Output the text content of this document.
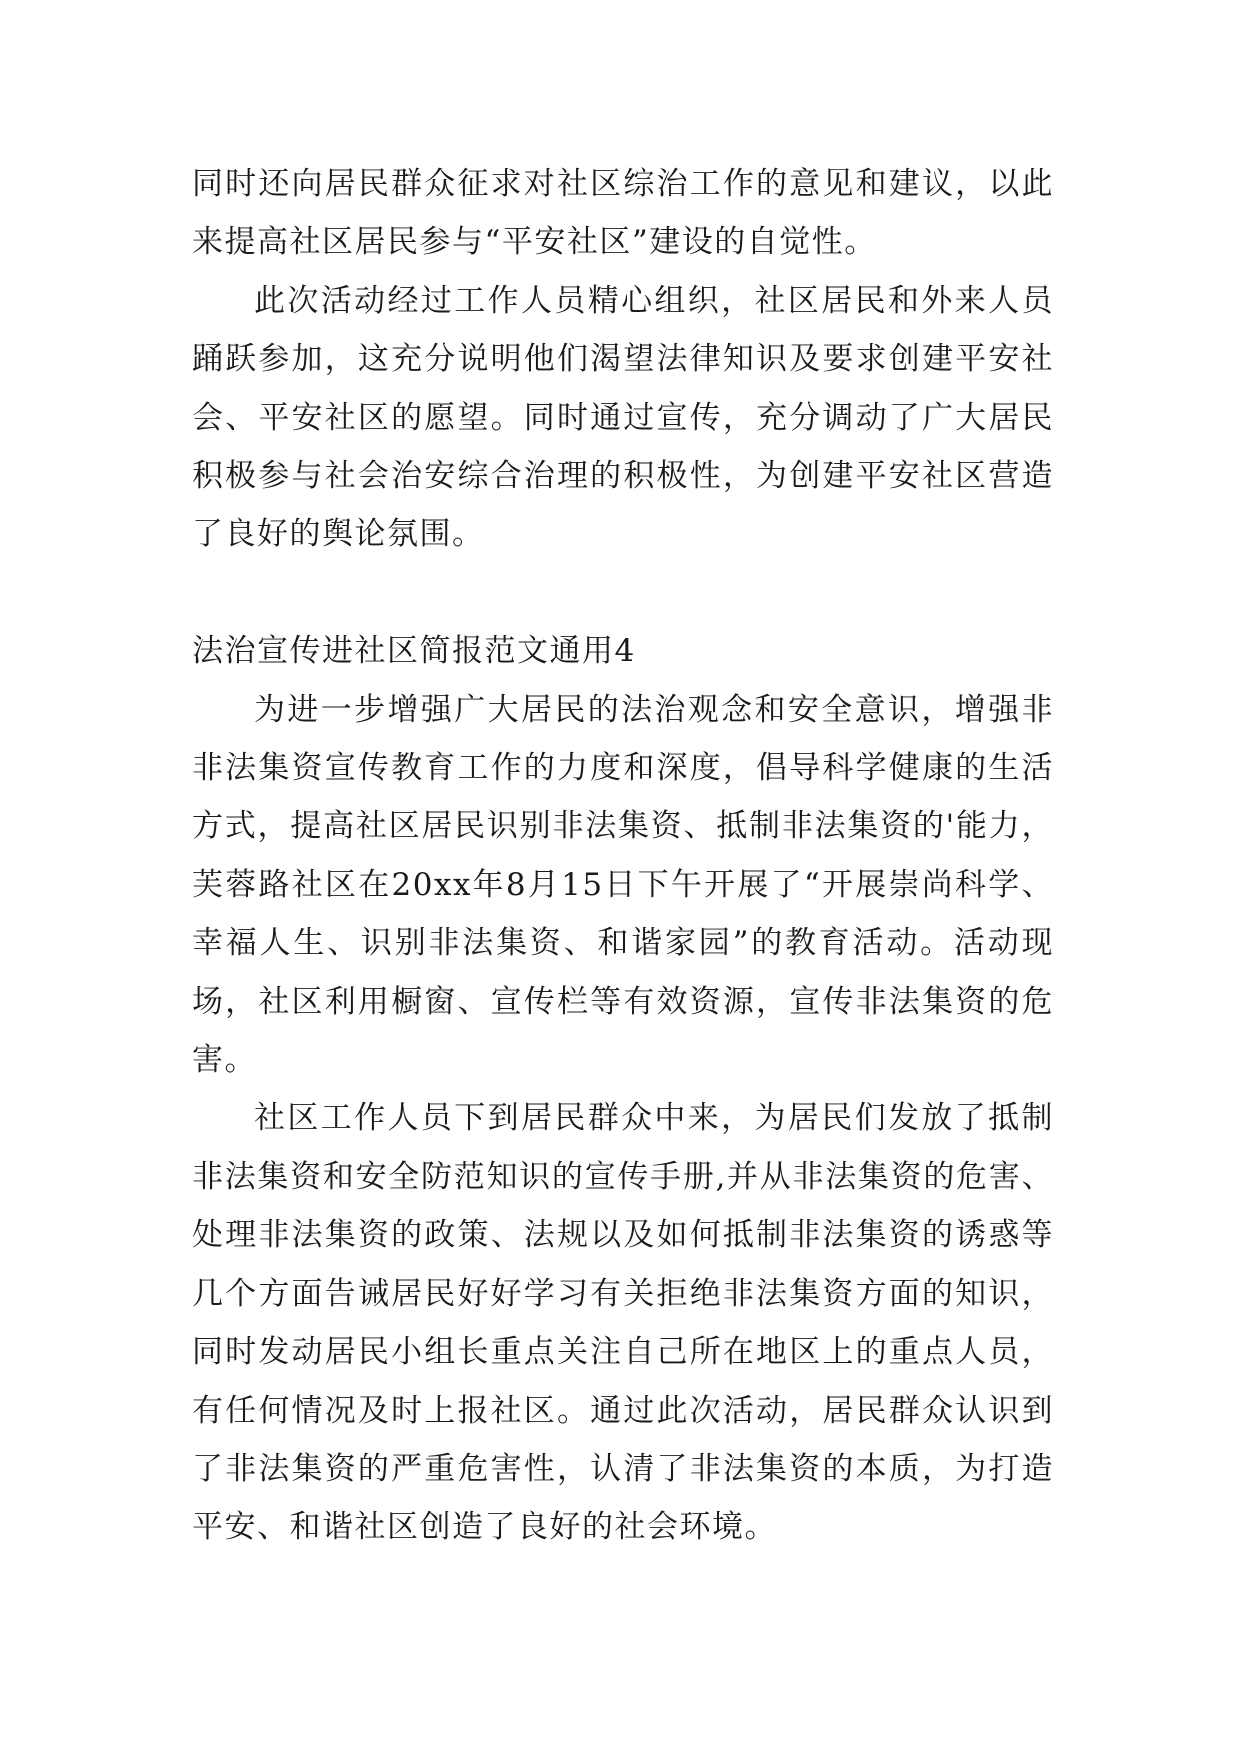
同时还向居民群众征求对社区综治工作的意见和建议，以此来提高社区居民参与“平安社区”建设的自觉性。

此次活动经过工作人员精心组织，社区居民和外来人员踊跃参加，这充分说明他们渴望法律知识及要求创建平安社会、平安社区的愿望。同时通过宣传，充分调动了广大居民积极参与社会治安综合治理的积极性，为创建平安社区营造了良好的舆论氛围。

法治宣传进社区简报范文通用4

为进一步增强广大居民的法治观念和安全意识，增强非非法集资宣传教育工作的力度和深度，倡导科学健康的生活方式，提高社区居民识别非法集资、抵制非法集资的'能力，芙蓉路社区在20xx年8月15日下午开展了“开展崇尚科学、幸福人生、识别非法集资、和谐家园”的教育活动。活动现场，社区利用橱窗、宣传栏等有效资源，宣传非法集资的危害。

社区工作人员下到居民群众中来，为居民们发放了抵制非法集资和安全防范知识的宣传手册,并从非法集资的危害、处理非法集资的政策、法规以及如何抵制非法集资的诱惑等几个方面告诫居民好好学习有关拒绝非法集资方面的知识，同时发动居民小组长重点关注自己所在地区上的重点人员，有任何情况及时上报社区。通过此次活动，居民群众认识到了非法集资的严重危害性，认清了非法集资的本质，为打造平安、和谐社区创造了良好的社会环境。
